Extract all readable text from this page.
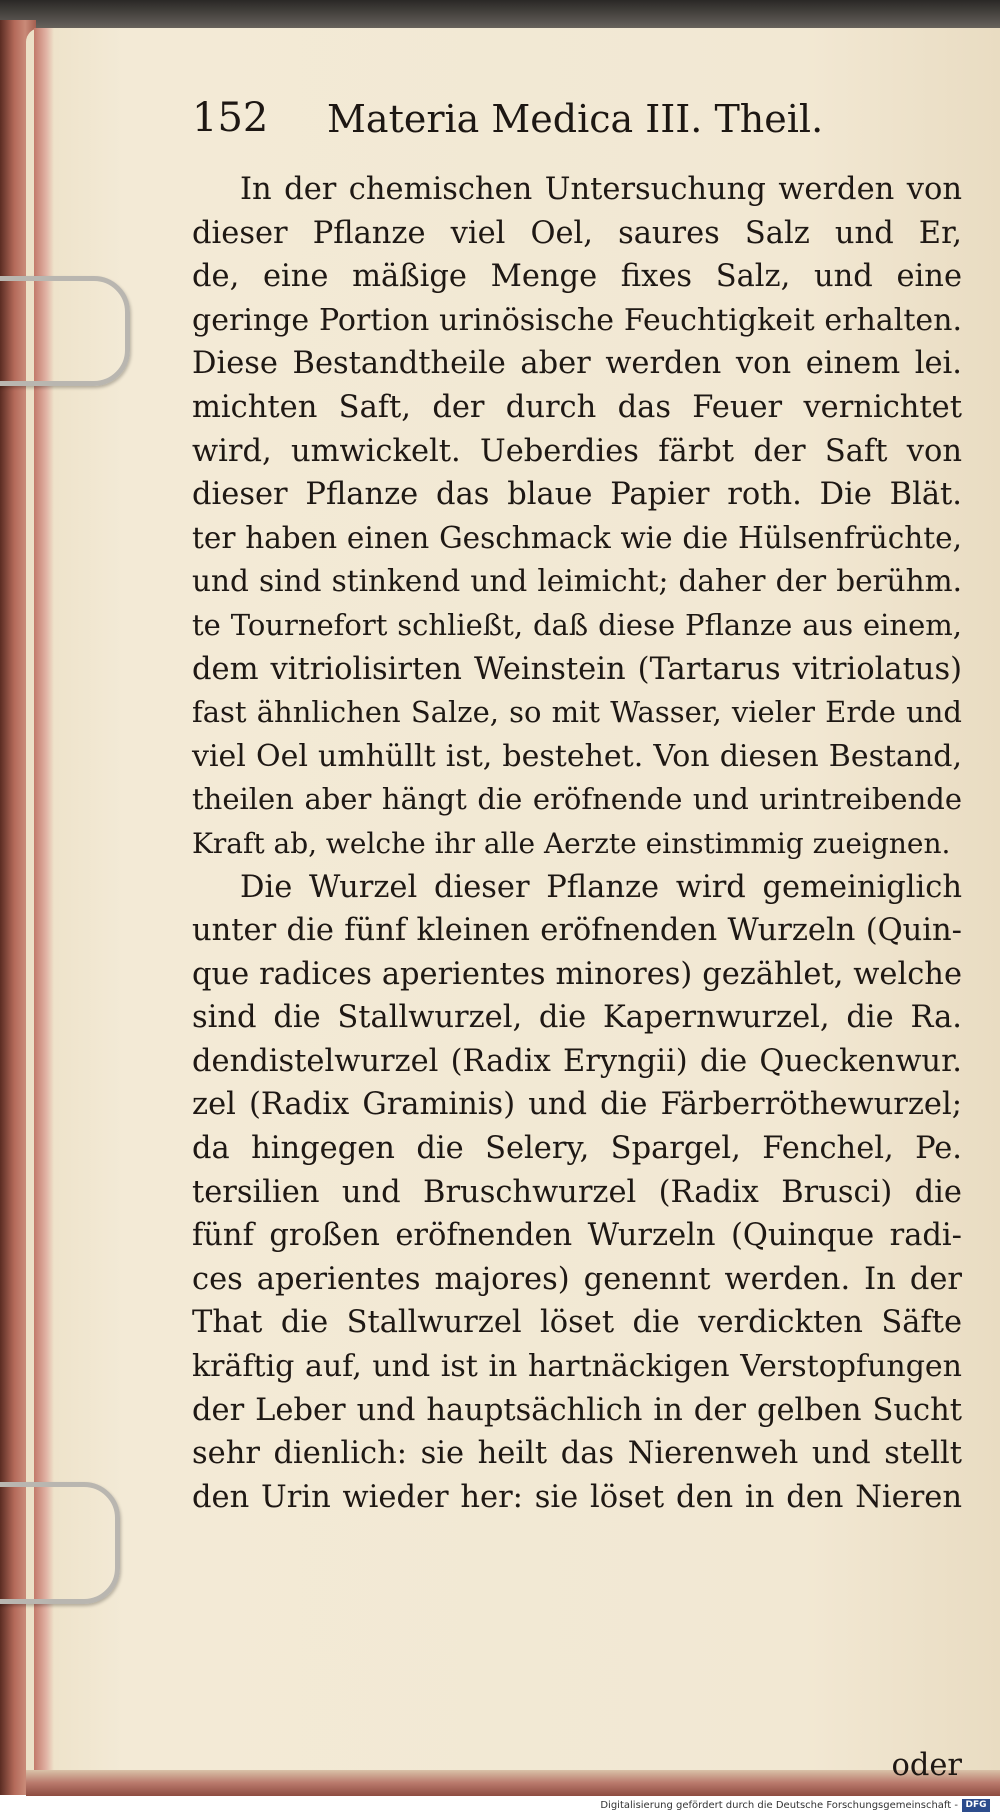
152 Materia Medica III. Theil.
In der chemischen Untersuchung werden von
dieser Pflanze viel Oel, saures Salz und Er,
de, eine mäßige Menge fixes Salz, und eine
geringe Portion urinösische Feuchtigkeit erhalten.
Diese Bestandtheile aber werden von einem lei.
michten Saft, der durch das Feuer vernichtet
wird, umwickelt. Ueberdies färbt der Saft von
dieser Pflanze das blaue Papier roth. Die Blät.
ter haben einen Geschmack wie die Hülsenfrüchte,
und sind stinkend und leimicht; daher der berühm.
te Tournefort schließt, daß diese Pflanze aus einem,
dem vitriolisirten Weinstein (Tartarus vitriolatus)
fast ähnlichen Salze, so mit Wasser, vieler Erde und
viel Oel umhüllt ist, bestehet. Von diesen Bestand,
theilen aber hängt die eröfnende und urintreibende
Kraft ab, welche ihr alle Aerzte einstimmig zueignen.
Die Wurzel dieser Pflanze wird gemeiniglich
unter die fünf kleinen eröfnenden Wurzeln (Quin-
que radices aperientes minores) gezählet, welche
sind die Stallwurzel, die Kapernwurzel, die Ra.
dendistelwurzel (Radix Eryngii) die Queckenwur.
zel (Radix Graminis) und die Färberröthewurzel;
da hingegen die Selery, Spargel, Fenchel, Pe.
tersilien und Bruschwurzel (Radix Brusci) die
fünf großen eröfnenden Wurzeln (Quinque radi-
ces aperientes majores) genennt werden. In der
That die Stallwurzel löset die verdickten Säfte
kräftig auf, und ist in hartnäckigen Verstopfungen
der Leber und hauptsächlich in der gelben Sucht
sehr dienlich: sie heilt das Nierenweh und stellt
den Urin wieder her: sie löset den in den Nieren
oder
Digitalisierung gefördert durch die Deutsche Forschungsgemeinschaft - DFG
